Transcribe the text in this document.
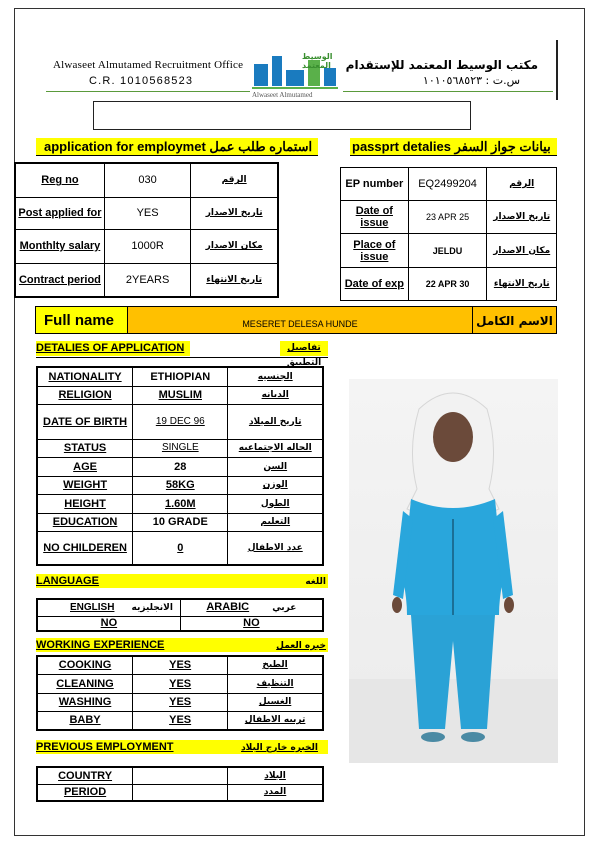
Alwaseet Almutamed Recruitment Office
C.R. 1010568523
مكتب الوسيط المعتمد للإستقدام
س.ت : ١٠١٠٥٦٨٥٢٣
الوسيط المعتمد
Alwaseet Almutamed
application for employmet استماره طلب عمل	passprt detalies بيانات جواز السفر
Reg no	030	الرقم
Post applied for	YES	تاريخ الاصدار
Monthlty salary	1000R	مكان الاصدار
Contract period	2YEARS	تاريخ الانتهاء
EP number	EQ2499204	الرقم
Date of issue	23 APR 25	تاريخ الاصدار
Place of issue	JELDU	مكان الاصدار
Date of exp	22 APR 30	تاريخ الانتهاء
Full name	MESERET DELESA HUNDE	الاسم الكامل
DETALIES OF APPLICATION	تفاصيل التطبيق
NATIONALITY	ETHIOPIAN	الجنسيه
RELIGION	MUSLIM	الديانه
DATE OF BIRTH	19 DEC 96	تاريخ الميلاد
STATUS	SINGLE	الحاله الاجتماعيه
AGE	28	السن
WEIGHT	58KG	الوزن
HEIGHT	1.60M	الطول
EDUCATION	10 GRADE	التعليم
NO CHILDEREN	0	عدد الاطفال
LANGUAGE	اللغه
ENGLISH الانجليزيه	ARABIC عربي
NO	NO
WORKING EXPERIENCE	خبره العمل
COOKING	YES	الطبخ
CLEANING	YES	التنظيف
WASHING	YES	الغسيل
BABY	YES	تربيه الاطفال
PREVIOUS EMPLOYMENT	الخبره خارج البلاد
COUNTRY		البلاد
PERIOD		المدد
